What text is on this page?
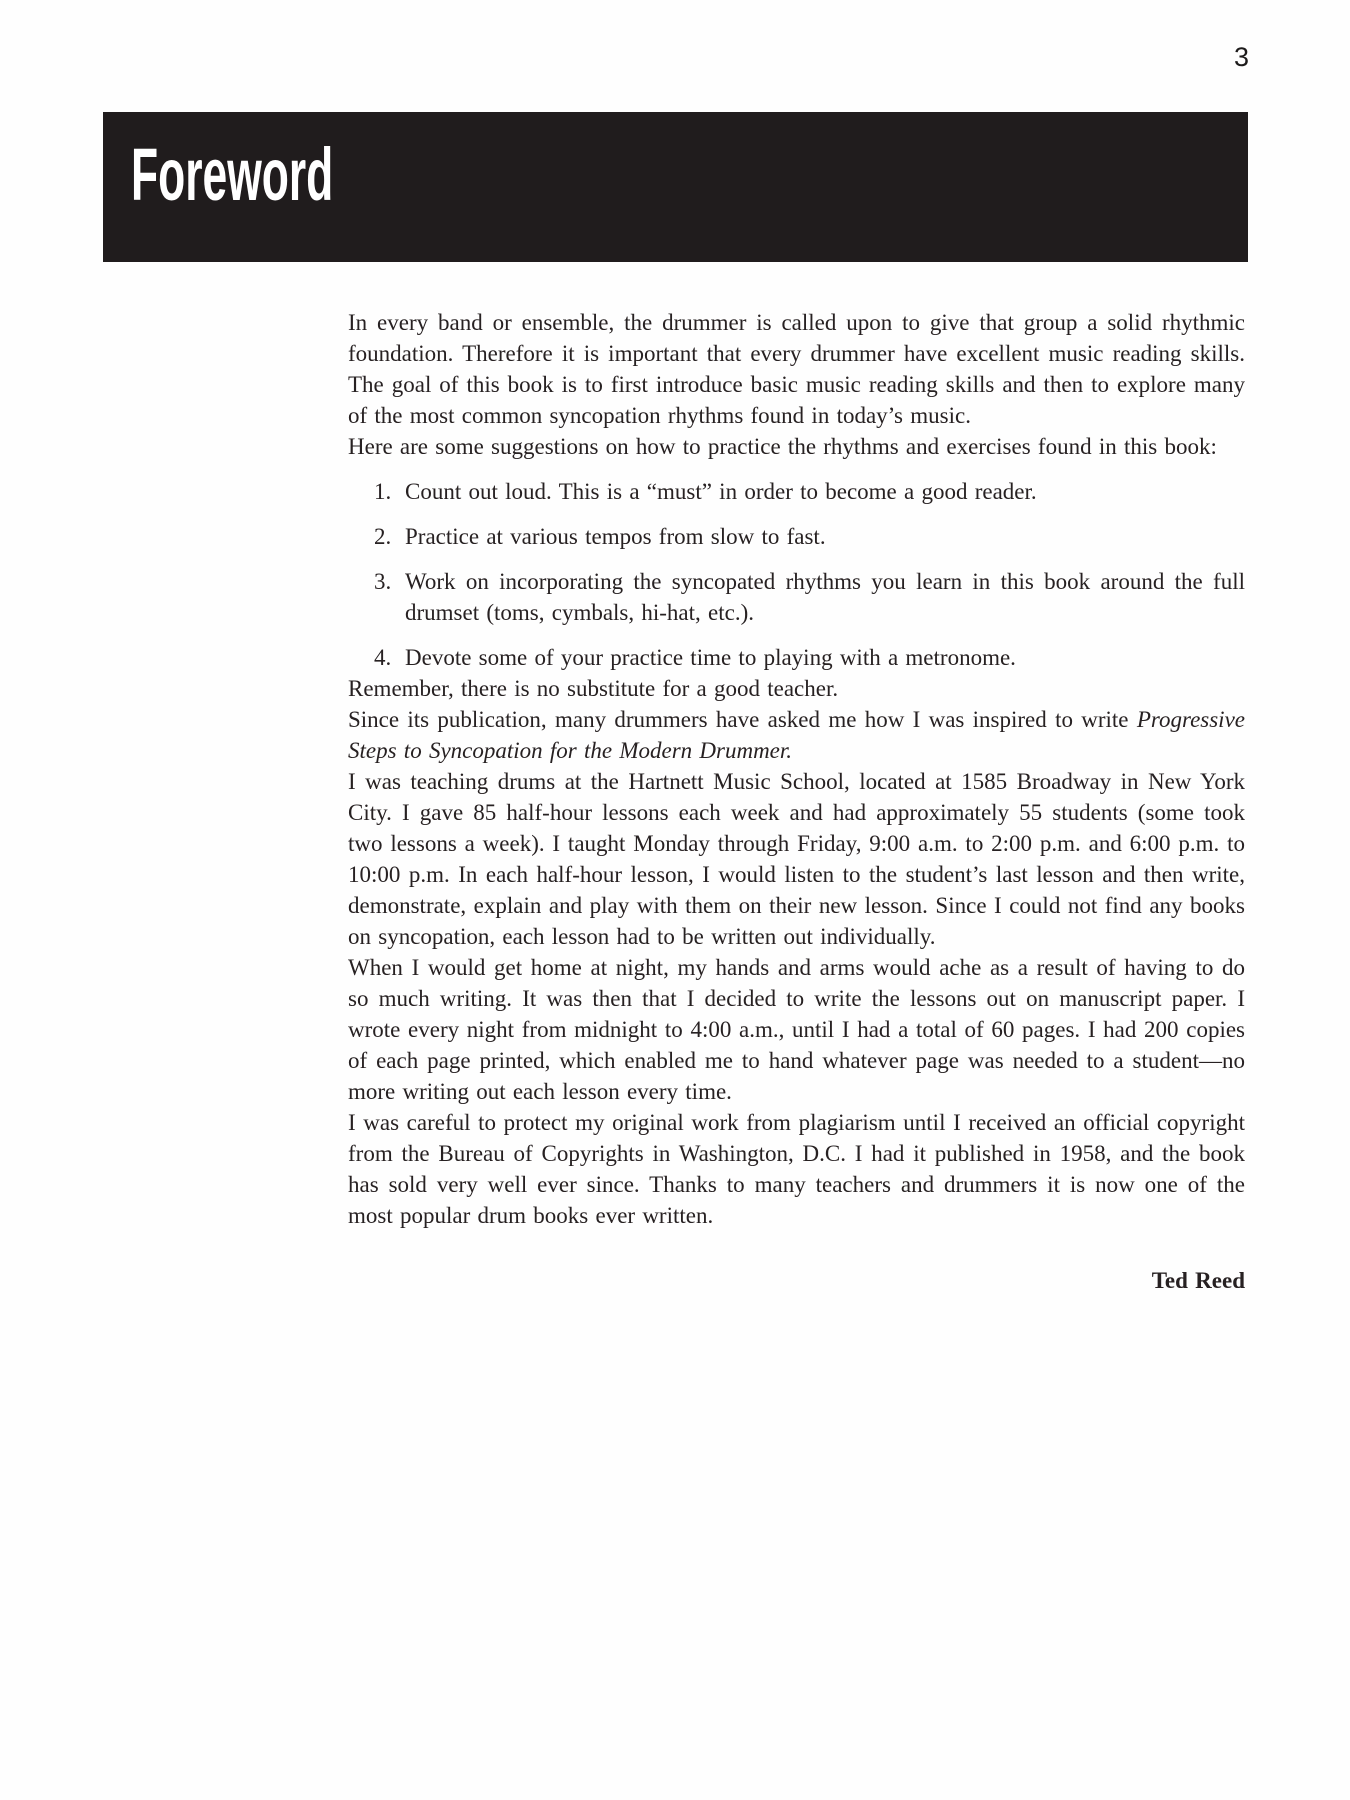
3
Foreword

In every band or ensemble, the drummer is called upon to give that group a solid rhythmic foundation. Therefore it is important that every drummer have excellent music reading skills. The goal of this book is to first introduce basic music reading skills and then to explore many of the most common syncopation rhythms found in today’s music.

Here are some suggestions on how to practice the rhythms and exercises found in this book:

1. Count out loud. This is a “must” in order to become a good reader.
2. Practice at various tempos from slow to fast.
3. Work on incorporating the syncopated rhythms you learn in this book around the full drumset (toms, cymbals, hi-hat, etc.).
4. Devote some of your practice time to playing with a metronome.

Remember, there is no substitute for a good teacher.

Since its publication, many drummers have asked me how I was inspired to write Progressive Steps to Syncopation for the Modern Drummer.

I was teaching drums at the Hartnett Music School, located at 1585 Broadway in New York City. I gave 85 half-hour lessons each week and had approximately 55 students (some took two lessons a week). I taught Monday through Friday, 9:00 a.m. to 2:00 p.m. and 6:00 p.m. to 10:00 p.m. In each half-hour lesson, I would listen to the student’s last lesson and then write, demonstrate, explain and play with them on their new lesson. Since I could not find any books on syncopation, each lesson had to be written out individually.

When I would get home at night, my hands and arms would ache as a result of having to do so much writing. It was then that I decided to write the lessons out on manuscript paper. I wrote every night from midnight to 4:00 a.m., until I had a total of 60 pages. I had 200 copies of each page printed, which enabled me to hand whatever page was needed to a student—no more writing out each lesson every time.

I was careful to protect my original work from plagiarism until I received an official copyright from the Bureau of Copyrights in Washington, D.C. I had it published in 1958, and the book has sold very well ever since. Thanks to many teachers and drummers it is now one of the most popular drum books ever written.

Ted Reed
